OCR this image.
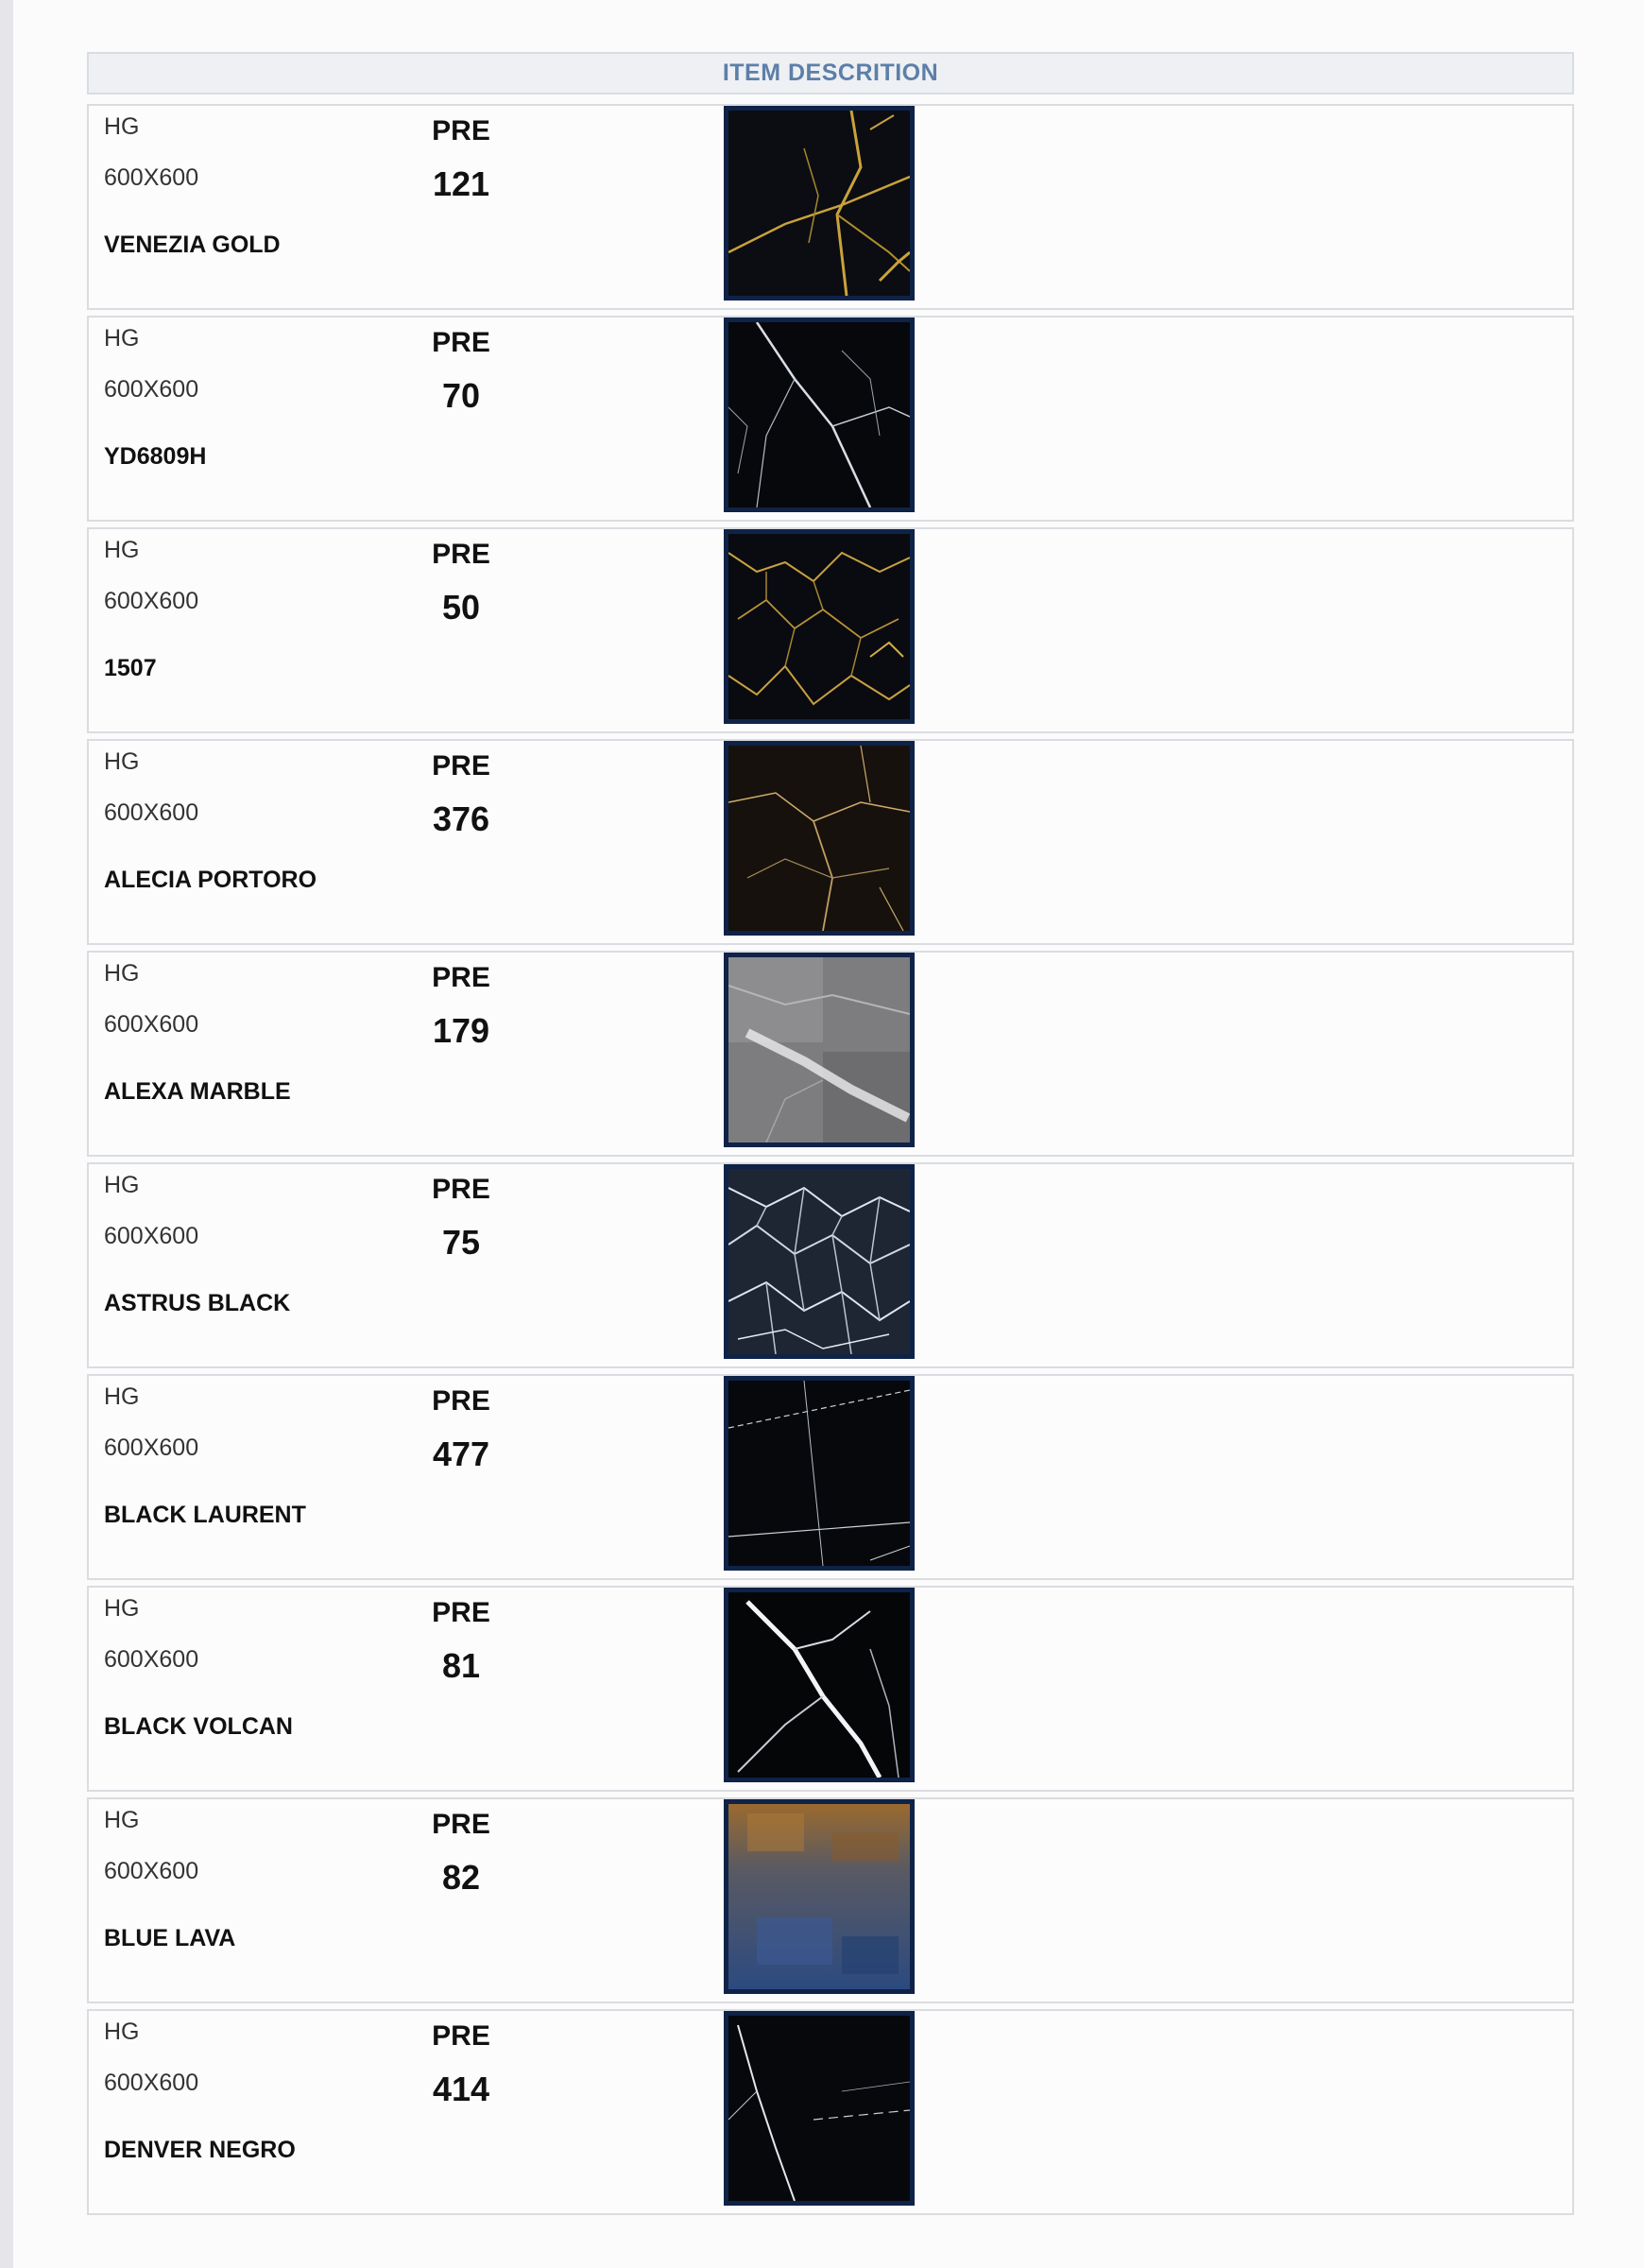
ITEM DESCRITION
HG
600X600
VENEZIA GOLD
PRE
121
HG
600X600
YD6809H
PRE
70
HG
600X600
1507
PRE
50
HG
600X600
ALECIA PORTORO
PRE
376
HG
600X600
ALEXA MARBLE
PRE
179
HG
600X600
ASTRUS BLACK
PRE
75
HG
600X600
BLACK LAURENT
PRE
477
HG
600X600
BLACK VOLCAN
PRE
81
HG
600X600
BLUE LAVA
PRE
82
HG
600X600
DENVER NEGRO
PRE
414
